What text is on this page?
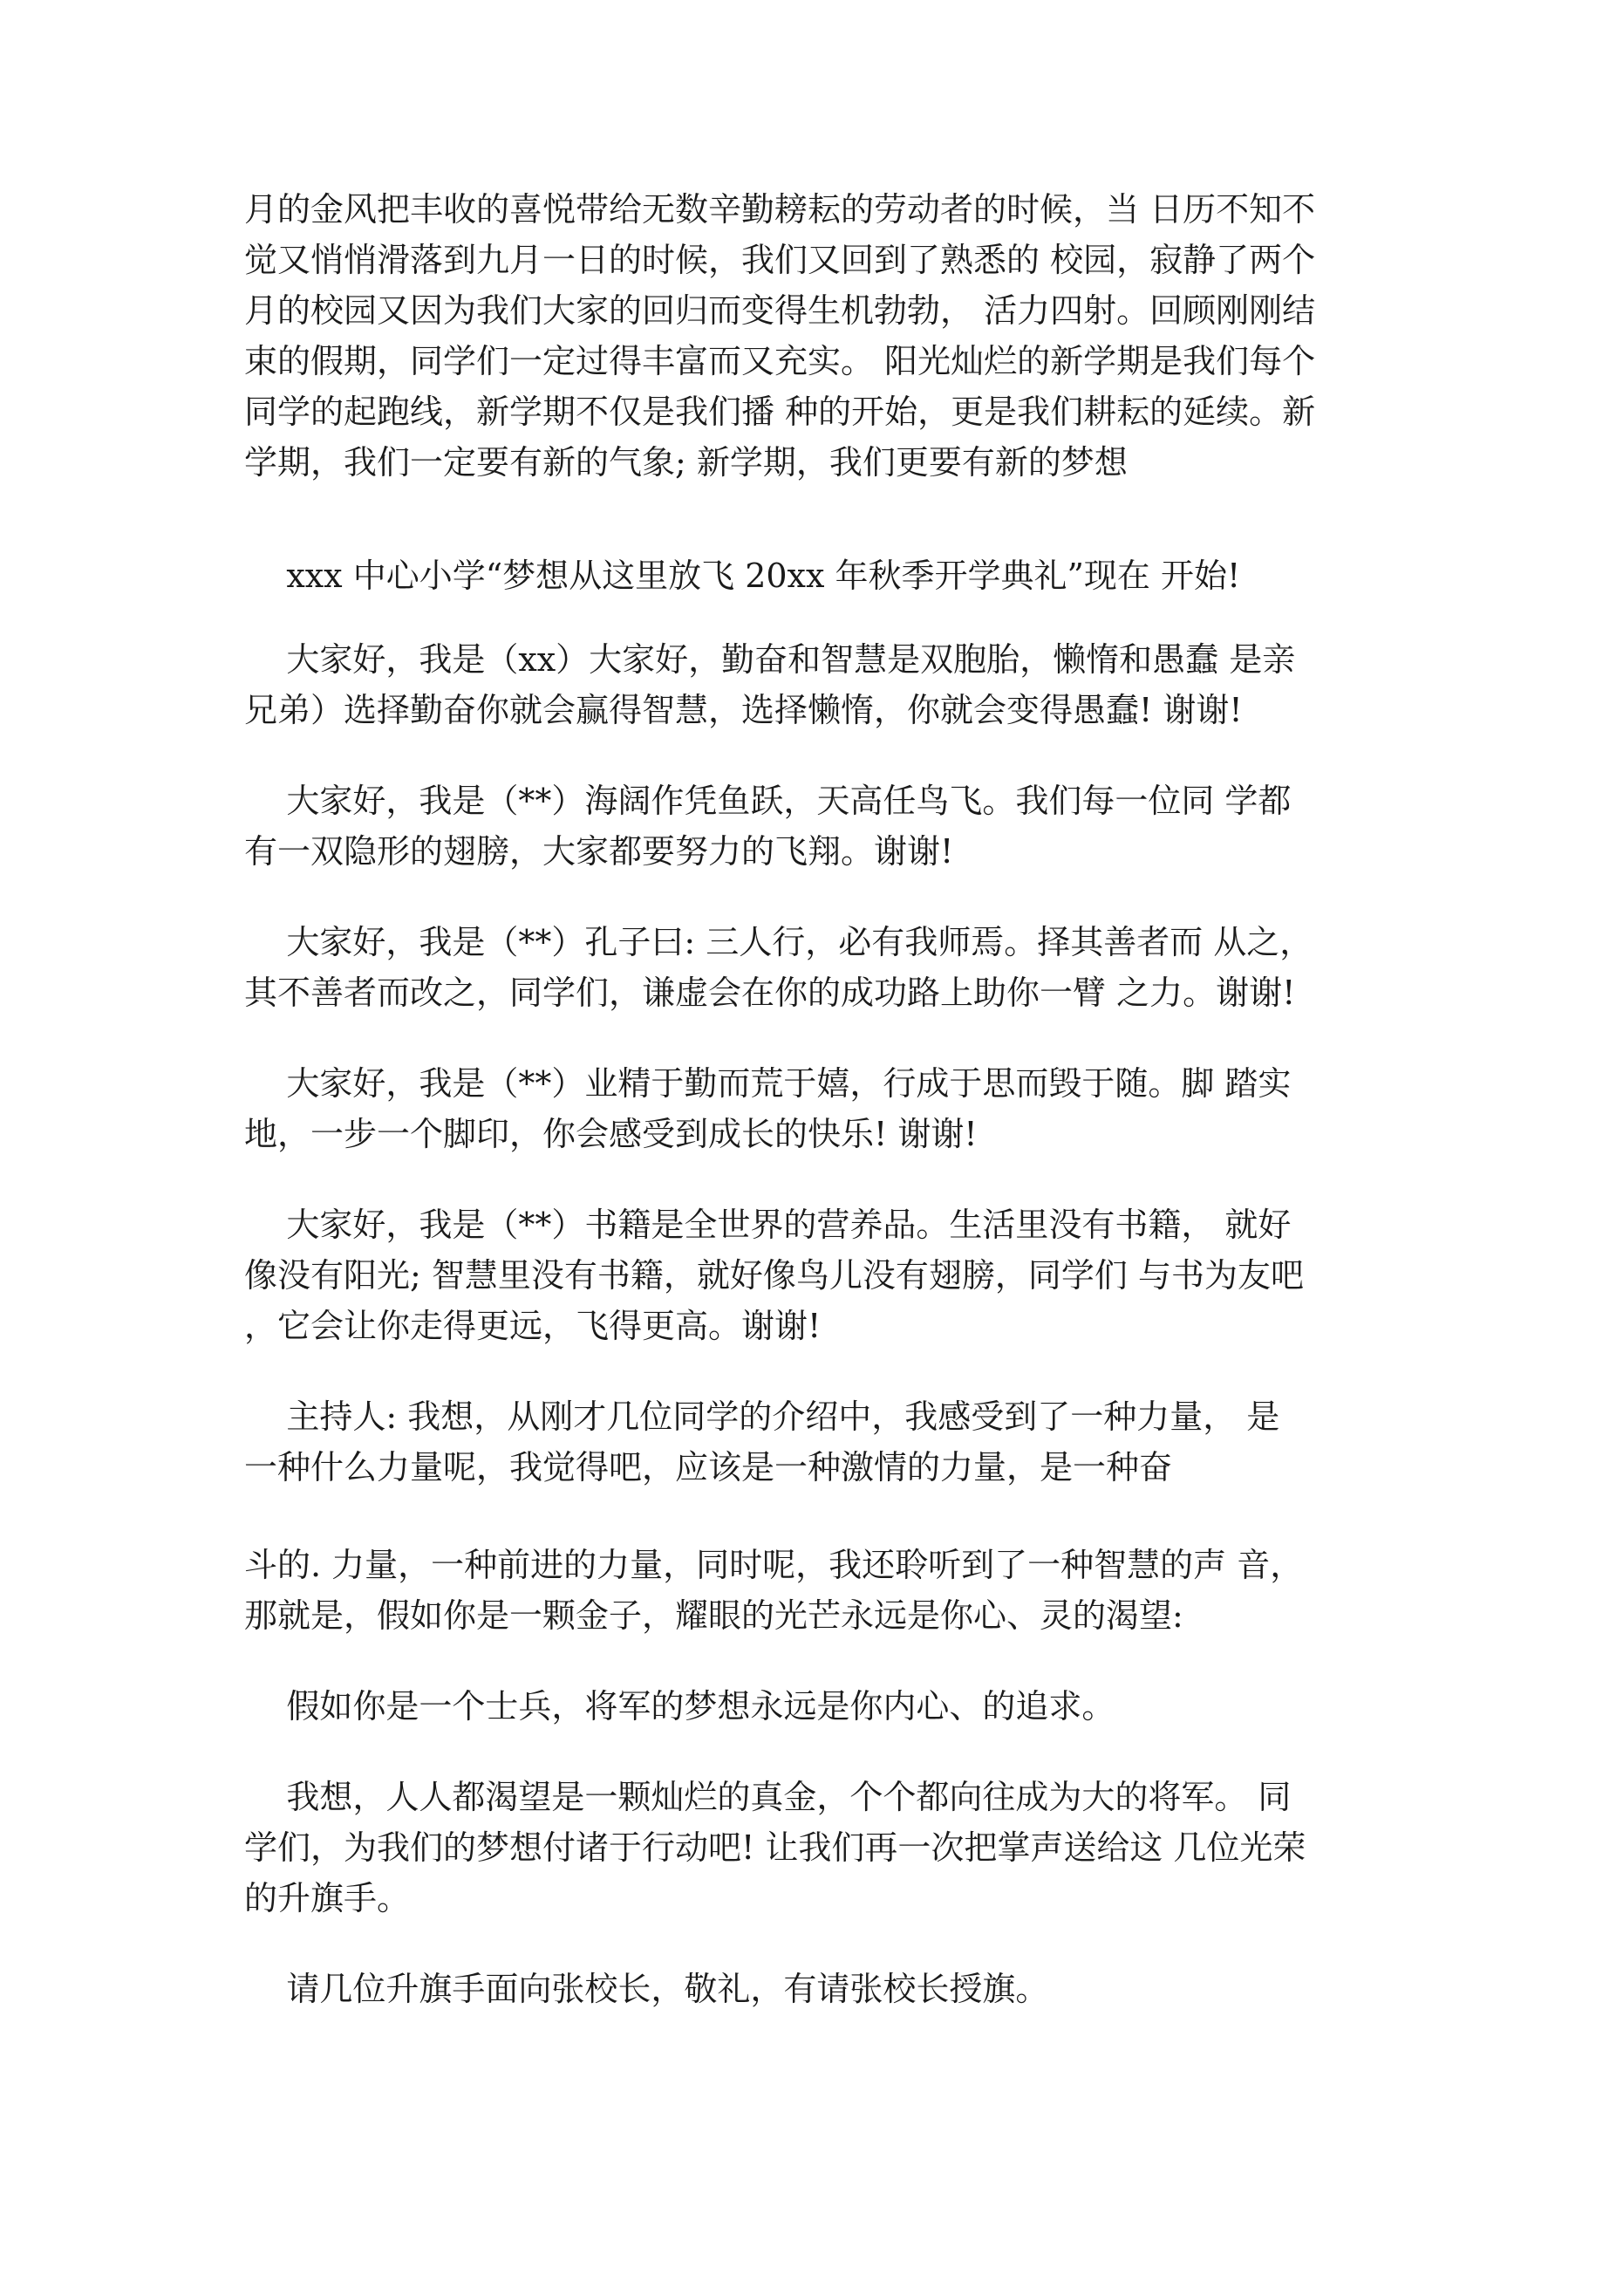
月的金风把丰收的喜悦带给无数辛勤耪耘的劳动者的时候，当 日历不知不

觉又悄悄滑落到九月一日的时候，我们又回到了熟悉的 校园，寂静了两个

月的校园又因为我们大家的回归而变得生机勃勃， 活力四射。回顾刚刚结

束的假期，同学们一定过得丰富而又充实。 阳光灿烂的新学期是我们每个

同学的起跑线，新学期不仅是我们播 种的开始，更是我们耕耘的延续。新

学期，我们一定要有新的气象; 新学期，我们更要有新的梦想

xxx 中心小学“梦想从这里放飞 20xx 年秋季开学典礼”现在 开始!

大家好，我是（xx）大家好，勤奋和智慧是双胞胎，懒惰和愚蠢 是亲

兄弟）选择勤奋你就会赢得智慧，选择懒惰，你就会变得愚蠢! 谢谢!

大家好，我是（**）海阔作凭鱼跃，天高任鸟飞。我们每一位同 学都

有一双隐形的翅膀，大家都要努力的飞翔。谢谢!

大家好，我是（**）孔子曰: 三人行，必有我师焉。择其善者而 从之，

其不善者而改之，同学们，谦虚会在你的成功路上助你一臂 之力。谢谢!

大家好，我是（**）业精于勤而荒于嬉，行成于思而毁于随。脚 踏实

地，一步一个脚印，你会感受到成长的快乐! 谢谢!

大家好，我是（**）书籍是全世界的营养品。生活里没有书籍， 就好

像没有阳光; 智慧里没有书籍，就好像鸟儿没有翅膀，同学们 与书为友吧

，它会让你走得更远，飞得更高。谢谢!

主持人: 我想，从刚才几位同学的介绍中，我感受到了一种力量， 是

一种什么力量呢，我觉得吧，应该是一种激情的力量，是一种奋

斗的. 力量，一种前进的力量，同时呢，我还聆听到了一种智慧的声 音，

那就是，假如你是一颗金子，耀眼的光芒永远是你心、灵的渴望:

假如你是一个士兵，将军的梦想永远是你内心、的追求。

我想，人人都渴望是一颗灿烂的真金，个个都向往成为大的将军。 同

学们，为我们的梦想付诸于行动吧! 让我们再一次把掌声送给这 几位光荣

的升旗手。

请几位升旗手面向张校长，敬礼，有请张校长授旗。
